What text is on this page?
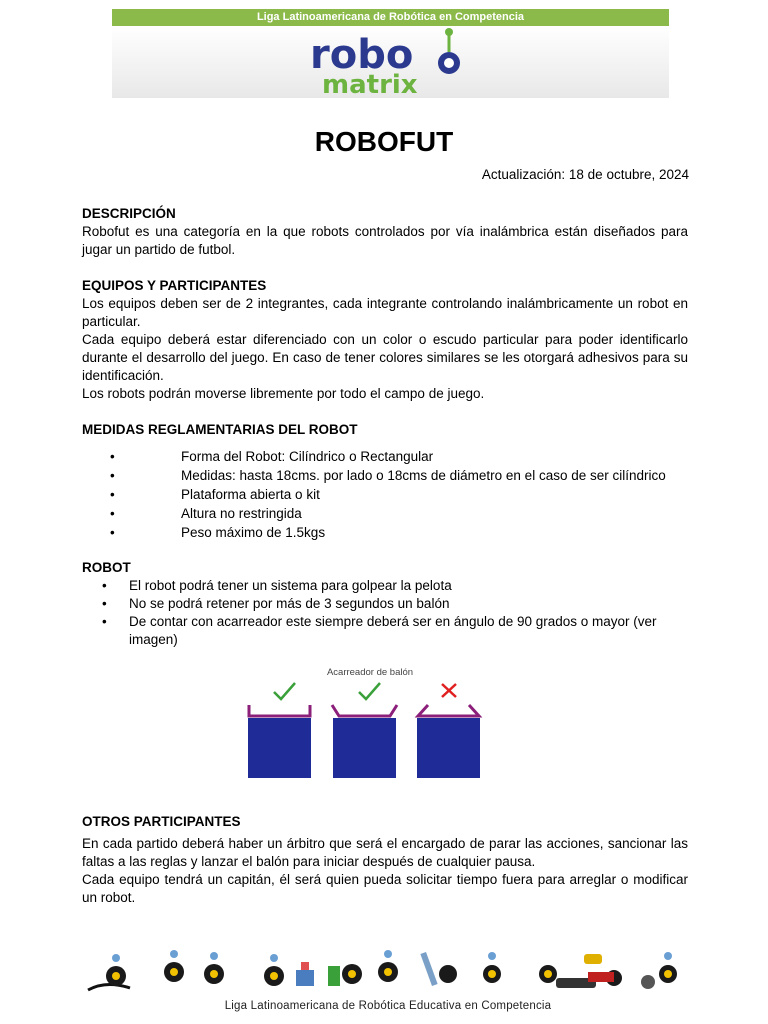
Liga Latinoamericana de Robótica en Competencia
robo
matrix
ROBOFUT
Actualización: 18 de octubre, 2024

DESCRIPCIÓN

Robofut es una categoría en la que robots controlados por vía inalámbrica están diseñados para jugar un partido de futbol.

EQUIPOS Y PARTICIPANTES

Los equipos deben ser de 2 integrantes, cada integrante controlando inalámbricamente un robot en particular.

Cada equipo deberá estar diferenciado con un color o escudo particular para poder identificarlo durante el desarrollo del juego. En caso de tener colores similares se les otorgará adhesivos para su identificación.

Los robots podrán moverse libremente por todo el campo de juego.

MEDIDAS REGLAMENTARIAS DEL ROBOT

•	Forma del Robot: Cilíndrico o Rectangular
•	Medidas: hasta 18cms. por lado o 18cms de diámetro en el caso de ser cilíndrico
•	Plataforma abierta o kit
•	Altura no restringida
•	Peso máximo de 1.5kgs

ROBOT

• El robot podrá tener un sistema para golpear la pelota
• No se podrá retener por más de 3 segundos un balón
• De contar con acarreador este siempre deberá ser en ángulo de 90 grados o mayor (ver imagen)
Acarreador de balón

OTROS PARTICIPANTES

En cada partido deberá haber un árbitro que será el encargado de parar las acciones, sancionar las faltas a las reglas y lanzar el balón para iniciar después de cualquier pausa.

Cada equipo tendrá un capitán, él será quien pueda solicitar tiempo fuera para arreglar o modificar un robot.

Liga Latinoamericana de Robótica Educativa en Competencia
